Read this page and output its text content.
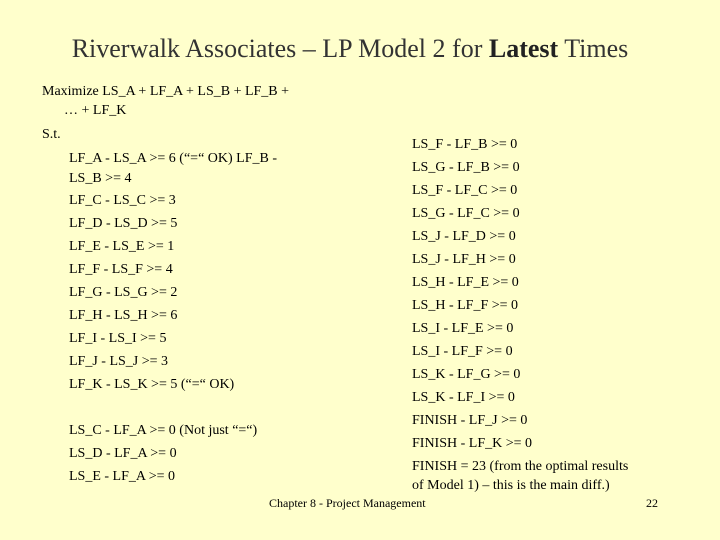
Riverwalk Associates – LP Model 2 for Latest Times
Maximize LS_A + LF_A + LS_B + LF_B +
… + LF_K
S.t.
LF_A - LS_A >= 6 (“=“ OK) LF_B -
LS_B >= 4
LF_C - LS_C >= 3
LF_D - LS_D >= 5
LF_E - LS_E >= 1
LF_F - LS_F >= 4
LF_G - LS_G >= 2
LF_H - LS_H >= 6
LF_I - LS_I >= 5
LF_J - LS_J >= 3
LF_K - LS_K >= 5 (“=“ OK)
LS_C - LF_A >= 0 (Not just “=“)
LS_D - LF_A >= 0
LS_E - LF_A >= 0
LS_F - LF_B >= 0
LS_G - LF_B >= 0
LS_F - LF_C >= 0
LS_G - LF_C >= 0
LS_J - LF_D >= 0
LS_J - LF_H >= 0
LS_H - LF_E >= 0
LS_H - LF_F >= 0
LS_I - LF_E >= 0
LS_I - LF_F >= 0
LS_K - LF_G >= 0
LS_K - LF_I >= 0
FINISH - LF_J >= 0
FINISH - LF_K >= 0
FINISH = 23 (from the optimal results
of Model 1) – this is the main diff.)
Chapter 8 - Project Management	22
